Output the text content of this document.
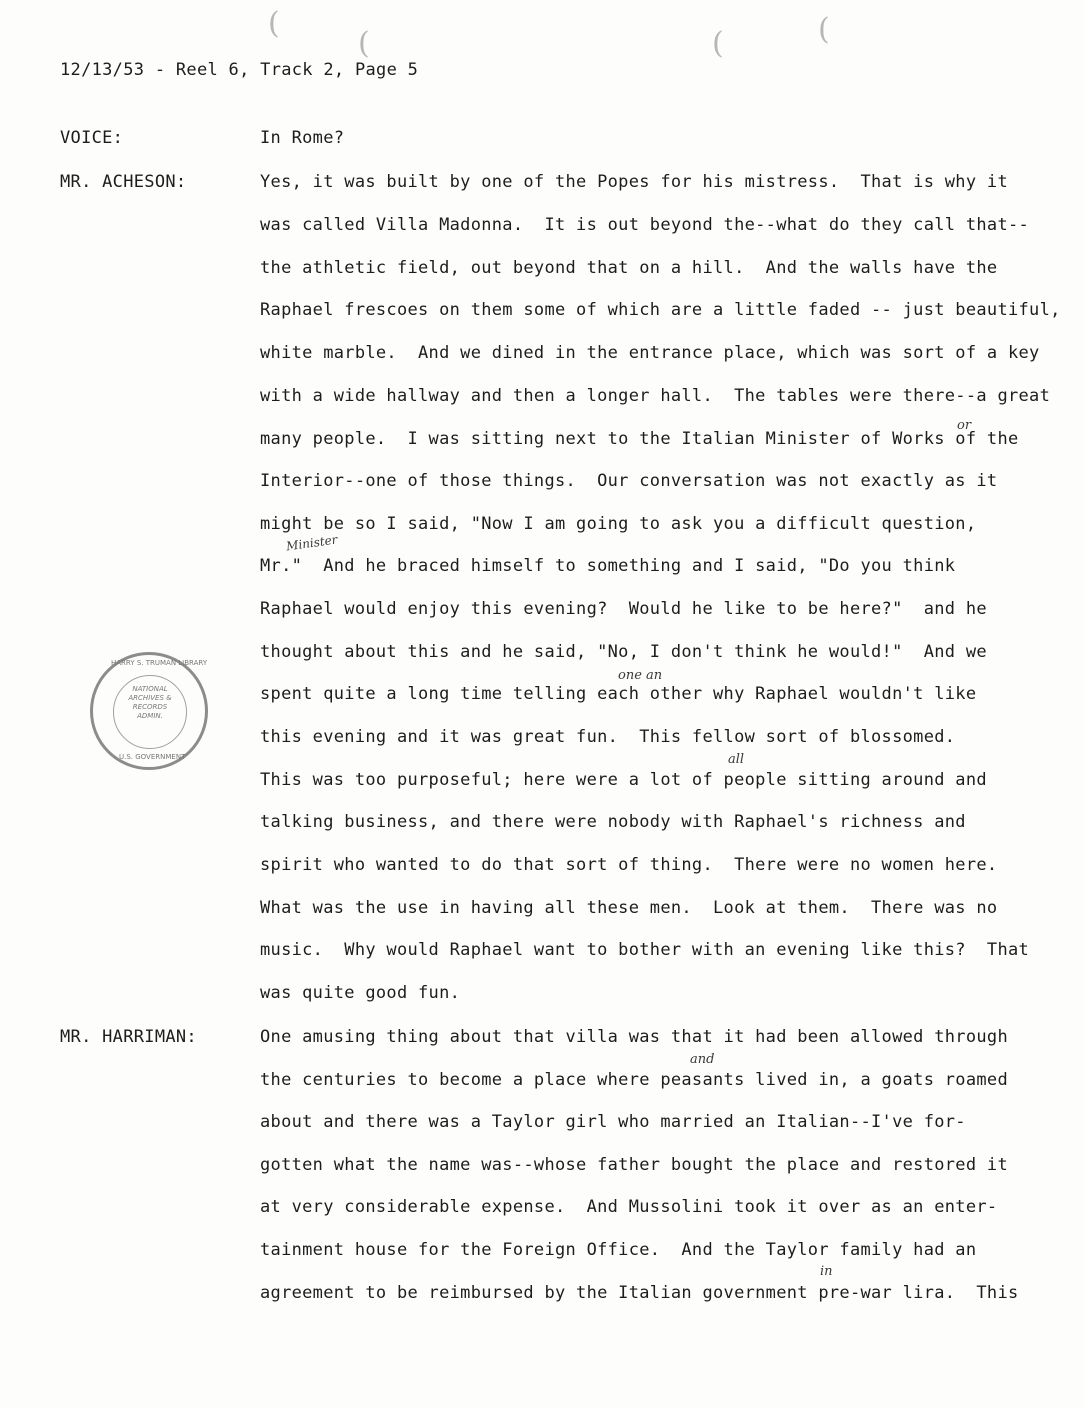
(
(	(	(
12/13/53 - Reel 6, Track 2, Page 5
VOICE:	In Rome?
MR. ACHESON:	Yes, it was built by one of the Popes for his mistress.  That is why it
was called Villa Madonna.  It is out beyond the--what do they call that--
the athletic field, out beyond that on a hill.  And the walls have the
Raphael frescoes on them some of which are a little faded -- just beautiful,
white marble.  And we dined in the entrance place, which was sort of a key
with a wide hallway and then a longer hall.  The tables were there--a great
many people.  I was sitting next to the Italian Minister of Works of the
Interior--one of those things.  Our conversation was not exactly as it
might be so I said, "Now I am going to ask you a difficult question,
Mr."  And he braced himself to something and I said, "Do you think
Raphael would enjoy this evening?  Would he like to be here?"  and he
thought about this and he said, "No, I don't think he would!"  And we
spent quite a long time telling each other why Raphael wouldn't like
this evening and it was great fun.  This fellow sort of blossomed.
This was too purposeful; here were a lot of people sitting around and
talking business, and there were nobody with Raphael's richness and
spirit who wanted to do that sort of thing.  There were no women here.
What was the use in having all these men.  Look at them.  There was no
music.  Why would Raphael want to bother with an evening like this?  That
was quite good fun.
MR. HARRIMAN:	One amusing thing about that villa was that it had been allowed through
the centuries to become a place where peasants lived in, a goats roamed
about and there was a Taylor girl who married an Italian--I've for-
gotten what the name was--whose father bought the place and restored it
at very considerable expense.  And Mussolini took it over as an enter-
tainment house for the Foreign Office.  And the Taylor family had an
agreement to be reimbursed by the Italian government pre-war lira.  This
or
Minister
one an
all
and
in
HARRY S. TRUMAN LIBRARY
NATIONAL
ARCHIVES &
RECORDS
ADMIN.
U.S. GOVERNMENT
